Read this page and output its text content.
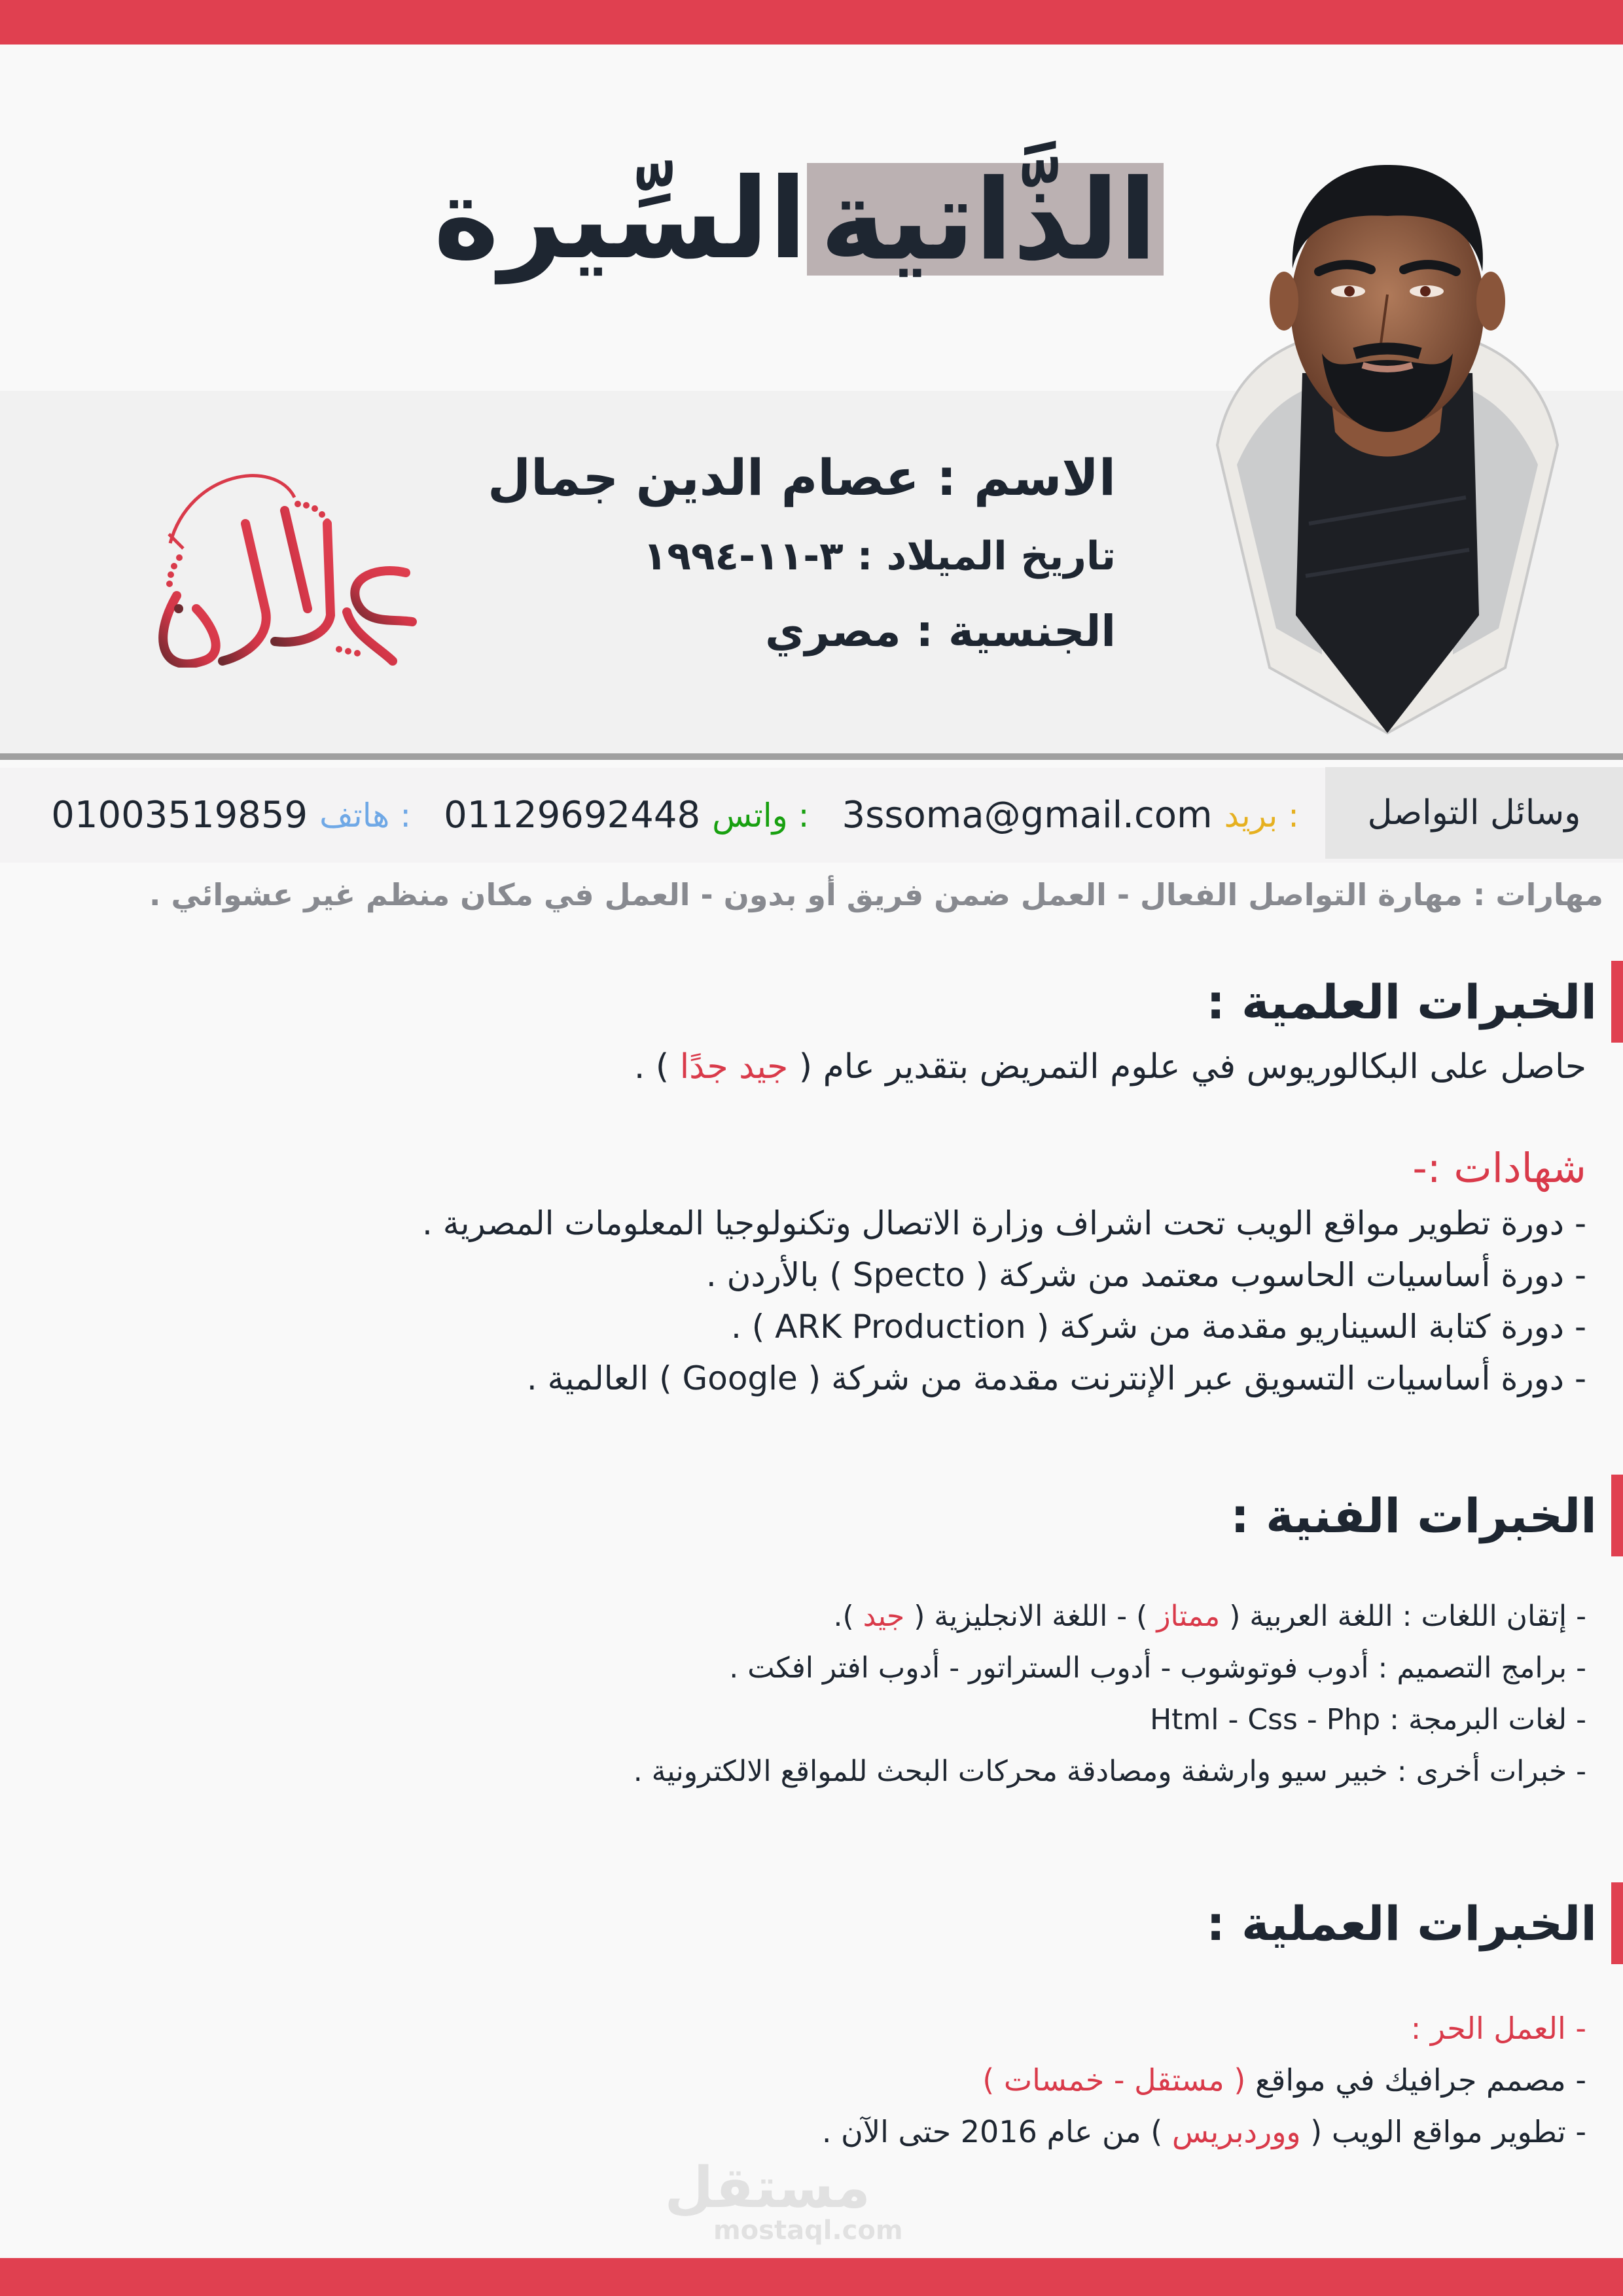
السِّيرة الذَّاتية
الاسم : عصام الدين جمال
تاريخ الميلاد : ٣-١١-١٩٩٤
الجنسية : مصري
وسائل التواصل
بريد :
3ssoma@gmail.com
واتس :
01129692448
هاتف :
01003519859
مهارات : مهارة التواصل الفعال - العمل ضمن فريق أو بدون - العمل في مكان منظم غير عشوائي .
الخبرات العلمية :
حاصل على البكالوريوس في علوم التمريض بتقدير عام ( جيد جدًا ) .
شهادات :-
- دورة تطوير مواقع الويب تحت اشراف وزارة الاتصال وتكنولوجيا المعلومات المصرية .
- دورة أساسيات الحاسوب معتمد من شركة ( Specto ) بالأردن .
- دورة كتابة السيناريو مقدمة من شركة ( ARK Production ) .
- دورة أساسيات التسويق عبر الإنترنت مقدمة من شركة ( Google ) العالمية .
الخبرات الفنية :
- إتقان اللغات : اللغة العربية ( ممتاز ) - اللغة الانجليزية ( جيد ).
- برامج التصميم : أدوب فوتوشوب - أدوب الستراتور - أدوب افتر افكت .
- لغات البرمجة : Html - Css - Php
- خبرات أخرى : خبير سيو وارشفة ومصادقة محركات البحث للمواقع الالكترونية .
الخبرات العملية :
- العمل الحر :
- مصمم جرافيك في مواقع ( مستقل - خمسات )
- تطوير مواقع الويب ( ووردبريس ) من عام 2016 حتى الآن .
مستقل
mostaql.com
